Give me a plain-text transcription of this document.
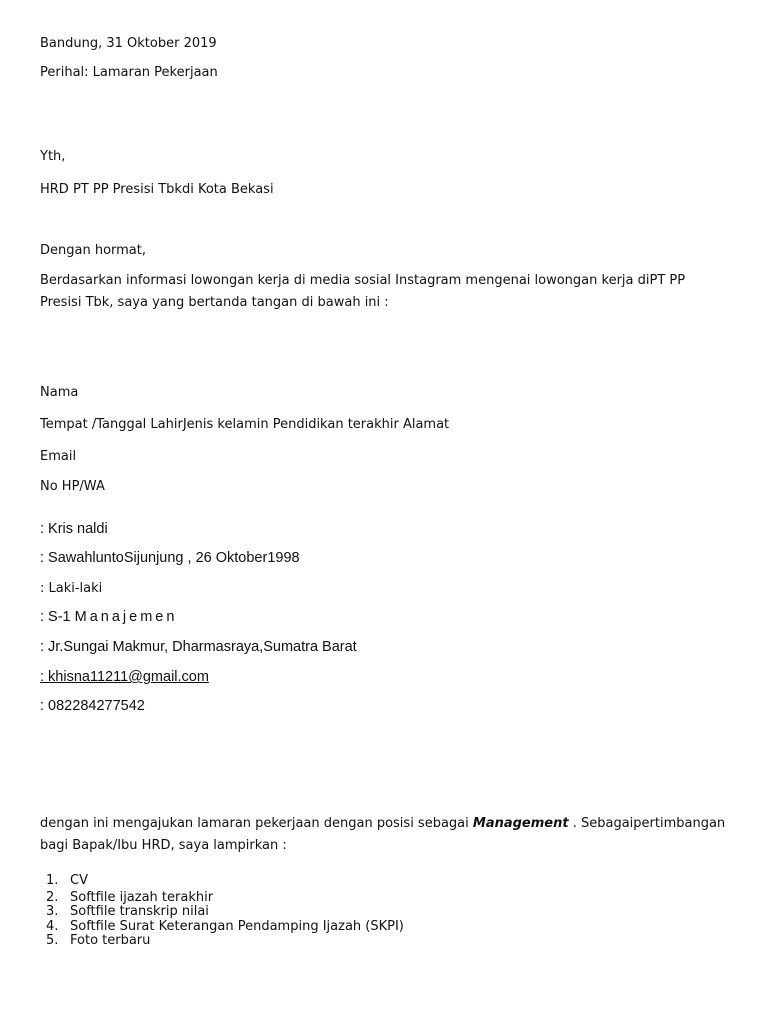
Bandung, 31 Oktober 2019
Perihal: Lamaran Pekerjaan
Yth,
HRD PT PP Presisi Tbkdi Kota Bekasi
Dengan hormat,
Berdasarkan informasi lowongan kerja di media sosial Instagram mengenai lowongan kerja diPT PP Presisi Tbk, saya yang bertanda tangan di bawah ini :
Nama
Tempat /Tanggal LahirJenis kelamin Pendidikan terakhir Alamat
Email
No HP/WA
: Kris naldi
: SawahluntoSijunjung , 26 Oktober1998
: Laki-laki
: S-1 Manajemen
: Jr.Sungai Makmur, Dharmasraya,Sumatra Barat
: khisna11211@gmail.com
: 082284277542
dengan ini mengajukan lamaran pekerjaan dengan posisi sebagai Management . Sebagaipertimbangan bagi Bapak/Ibu HRD, saya lampirkan :
1. CV
2. Softfile ijazah terakhir
3. Softfile transkrip nilai
4. Softfile Surat Keterangan Pendamping Ijazah (SKPI)
5. Foto terbaru
